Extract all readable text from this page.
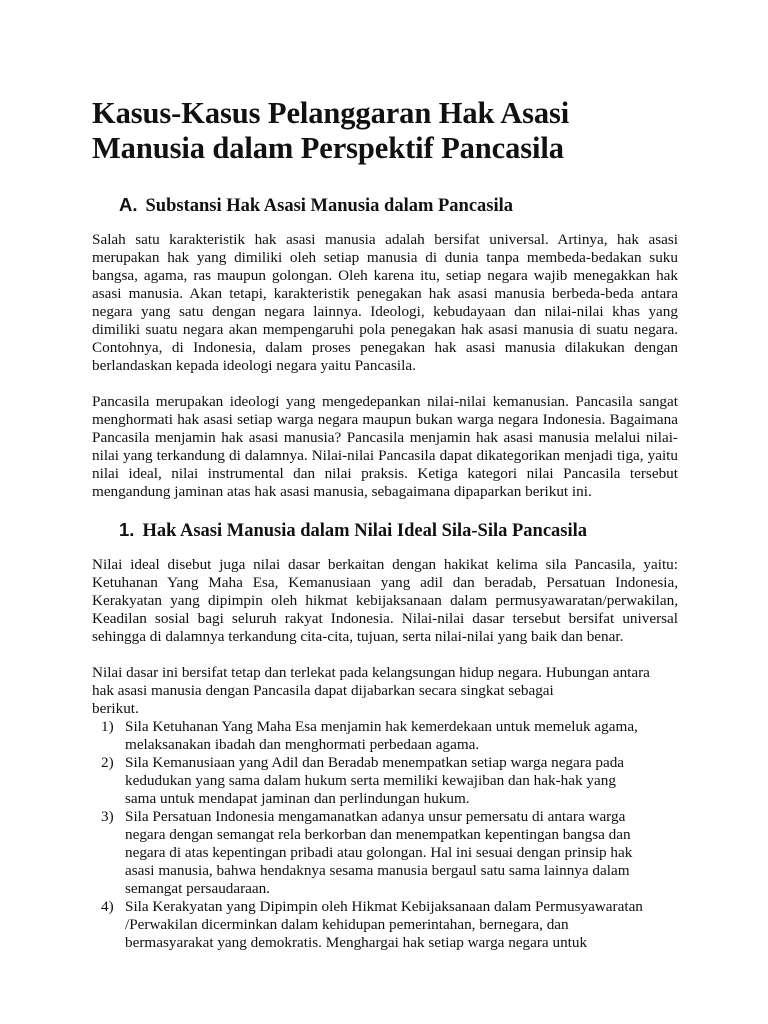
Kasus-Kasus Pelanggaran Hak Asasi Manusia dalam Perspektif Pancasila
A. Substansi Hak Asasi Manusia dalam Pancasila

Salah satu karakteristik hak asasi manusia adalah bersifat universal. Artinya, hak asasi merupakan hak yang dimiliki oleh setiap manusia di dunia tanpa membeda-bedakan suku bangsa, agama, ras maupun golongan. Oleh karena itu, setiap negara wajib menegakkan hak asasi manusia. Akan tetapi, karakteristik penegakan hak asasi manusia berbeda-beda antara negara yang satu dengan negara lainnya. Ideologi, kebudayaan dan nilai-nilai khas yang dimiliki suatu negara akan mempengaruhi pola penegakan hak asasi manusia di suatu negara. Contohnya, di Indonesia, dalam proses penegakan hak asasi manusia dilakukan dengan berlandaskan kepada ideologi negara yaitu Pancasila.

Pancasila merupakan ideologi yang mengedepankan nilai-nilai kemanusian. Pancasila sangat menghormati hak asasi setiap warga negara maupun bukan warga negara Indonesia. Bagaimana Pancasila menjamin hak asasi manusia? Pancasila menjamin hak asasi manusia melalui nilai-nilai yang terkandung di dalamnya. Nilai-nilai Pancasila dapat dikategorikan menjadi tiga, yaitu nilai ideal, nilai instrumental dan nilai praksis. Ketiga kategori nilai Pancasila tersebut mengandung jaminan atas hak asasi manusia, sebagaimana dipaparkan berikut ini.

1. Hak Asasi Manusia dalam Nilai Ideal Sila-Sila Pancasila

Nilai ideal disebut juga nilai dasar berkaitan dengan hakikat kelima sila Pancasila, yaitu: Ketuhanan Yang Maha Esa, Kemanusiaan yang adil dan beradab, Persatuan Indonesia, Kerakyatan yang dipimpin oleh hikmat kebijaksanaan dalam permusyawaratan/perwakilan, Keadilan sosial bagi seluruh rakyat Indonesia. Nilai-nilai dasar tersebut bersifat universal sehingga di dalamnya terkandung cita-cita, tujuan, serta nilai-nilai yang baik dan benar.

Nilai dasar ini bersifat tetap dan terlekat pada kelangsungan hidup negara. Hubungan antara
hak asasi manusia dengan Pancasila dapat dijabarkan secara singkat sebagai
berikut.
1) Sila Ketuhanan Yang Maha Esa menjamin hak kemerdekaan untuk memeluk agama,
melaksanakan ibadah dan menghormati perbedaan agama.
2) Sila Kemanusiaan yang Adil dan Beradab menempatkan setiap warga negara pada
kedudukan yang sama dalam hukum serta memiliki kewajiban dan hak-hak yang
sama untuk mendapat jaminan dan perlindungan hukum.
3) Sila Persatuan Indonesia mengamanatkan adanya unsur pemersatu di antara warga
negara dengan semangat rela berkorban dan menempatkan kepentingan bangsa dan
negara di atas kepentingan pribadi atau golongan. Hal ini sesuai dengan prinsip hak
asasi manusia, bahwa hendaknya sesama manusia bergaul satu sama lainnya dalam
semangat persaudaraan.
4) Sila Kerakyatan yang Dipimpin oleh Hikmat Kebijaksanaan dalam Permusyawaratan
/Perwakilan dicerminkan dalam kehidupan pemerintahan, bernegara, dan
bermasyarakat yang demokratis. Menghargai hak setiap warga negara untuk
